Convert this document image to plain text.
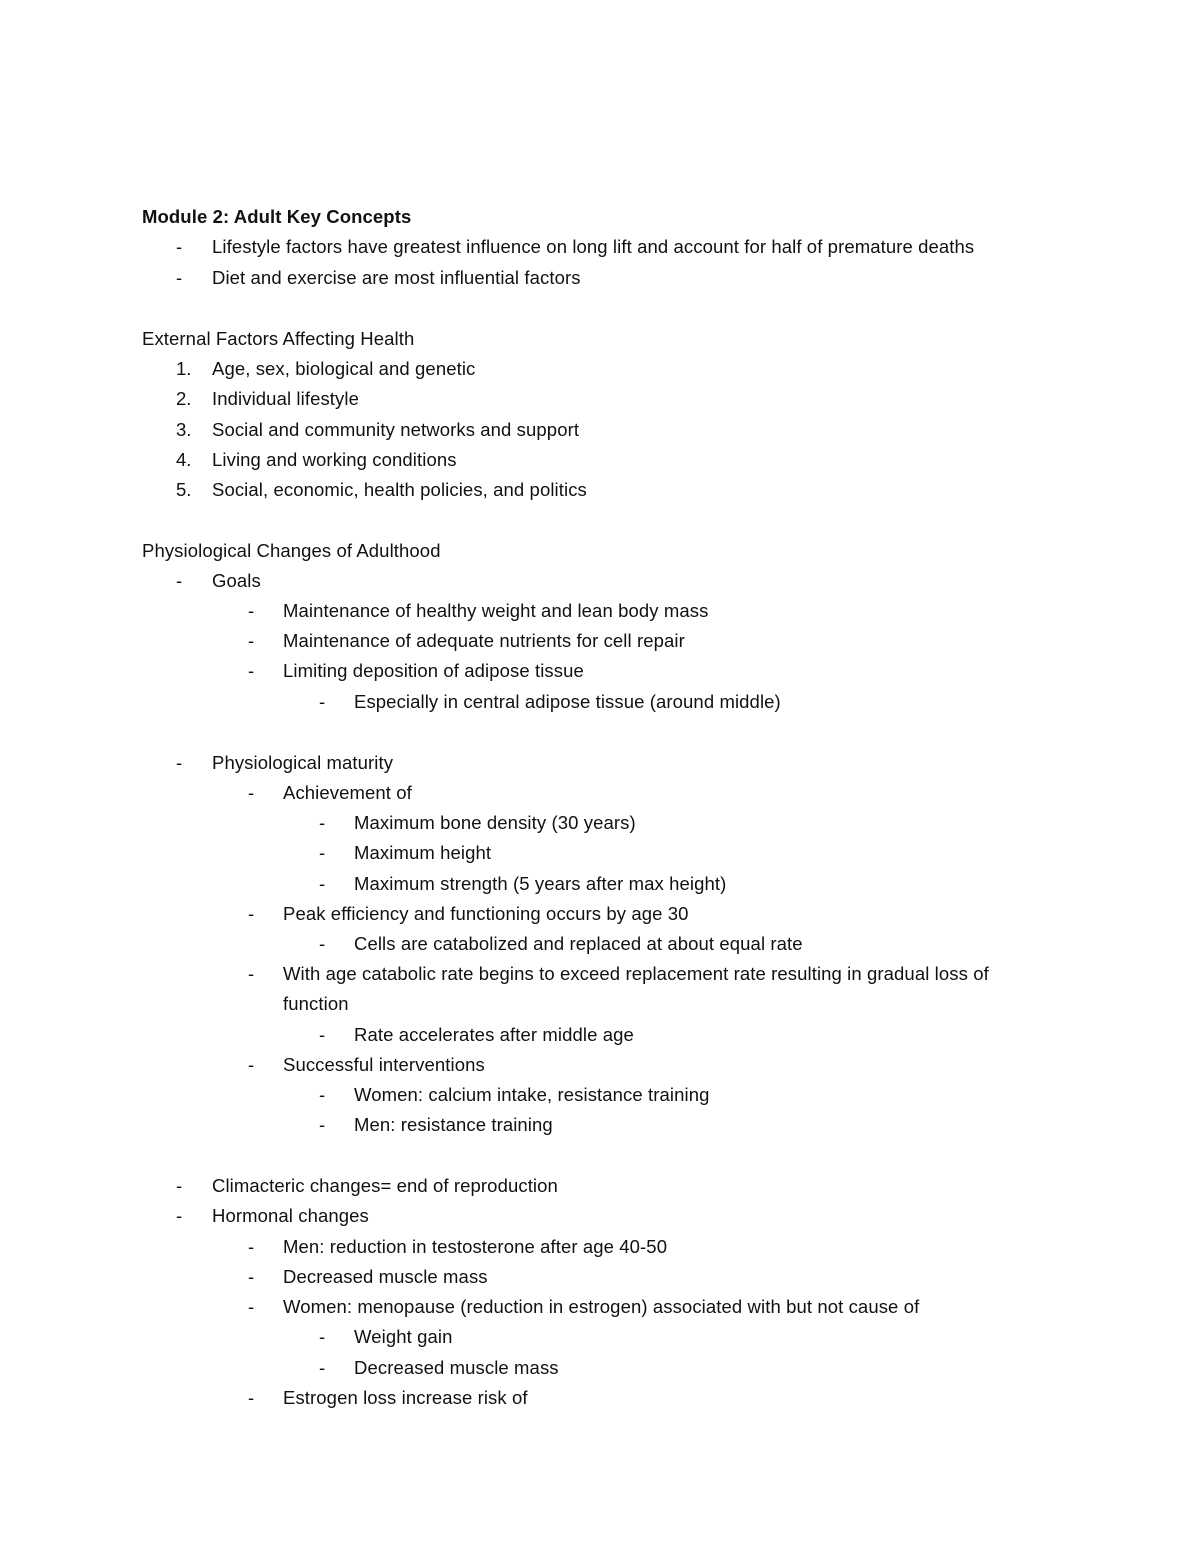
Module 2: Adult Key Concepts
- Lifestyle factors have greatest influence on long lift and account for half of premature deaths
- Diet and exercise are most influential factors
External Factors Affecting Health
1. Age, sex, biological and genetic
2. Individual lifestyle
3. Social and community networks and support
4. Living and working conditions
5. Social, economic, health policies, and politics
Physiological Changes of Adulthood
- Goals
- Maintenance of healthy weight and lean body mass
- Maintenance of adequate nutrients for cell repair
- Limiting deposition of adipose tissue
- Especially in central adipose tissue (around middle)
- Physiological maturity
- Achievement of
- Maximum bone density (30 years)
- Maximum height
- Maximum strength (5 years after max height)
- Peak efficiency and functioning occurs by age 30
- Cells are catabolized and replaced at about equal rate
- With age catabolic rate begins to exceed replacement rate resulting in gradual loss of
function
- Rate accelerates after middle age
- Successful interventions
- Women: calcium intake, resistance training
- Men: resistance training
- Climacteric changes= end of reproduction
- Hormonal changes
- Men: reduction in testosterone after age 40-50
- Decreased muscle mass
- Women: menopause (reduction in estrogen) associated with but not cause of
- Weight gain
- Decreased muscle mass
- Estrogen loss increase risk of
